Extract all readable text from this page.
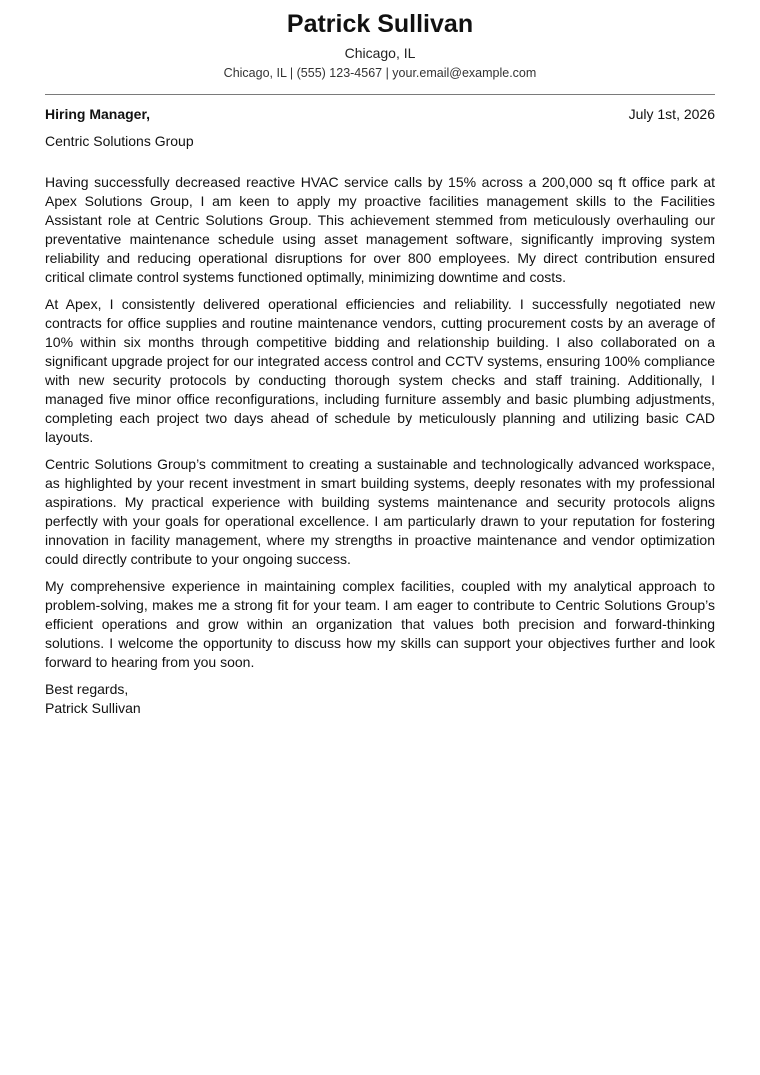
Patrick Sullivan
Chicago, IL
Chicago, IL | (555) 123-4567 | your.email@example.com
Hiring Manager,	July 1st, 2026
Centric Solutions Group

Having successfully decreased reactive HVAC service calls by 15% across a 200,000 sq ft office park at Apex Solutions Group, I am keen to apply my proactive facilities management skills to the Facilities Assistant role at Centric Solutions Group. This achievement stemmed from meticulously overhauling our preventative maintenance schedule using asset management software, significantly improving system reliability and reducing operational disruptions for over 800 employees. My direct contribution ensured critical climate control systems functioned optimally, minimizing downtime and costs.

At Apex, I consistently delivered operational efficiencies and reliability. I successfully negotiated new contracts for office supplies and routine maintenance vendors, cutting procurement costs by an average of 10% within six months through competitive bidding and relationship building. I also collaborated on a significant upgrade project for our integrated access control and CCTV systems, ensuring 100% compliance with new security protocols by conducting thorough system checks and staff training. Additionally, I managed five minor office reconfigurations, including furniture assembly and basic plumbing adjustments, completing each project two days ahead of schedule by meticulously planning and utilizing basic CAD layouts.

Centric Solutions Group’s commitment to creating a sustainable and technologically advanced workspace, as highlighted by your recent investment in smart building systems, deeply resonates with my professional aspirations. My practical experience with building systems maintenance and security protocols aligns perfectly with your goals for operational excellence. I am particularly drawn to your reputation for fostering innovation in facility management, where my strengths in proactive maintenance and vendor optimization could directly contribute to your ongoing success.

My comprehensive experience in maintaining complex facilities, coupled with my analytical approach to problem-solving, makes me a strong fit for your team. I am eager to contribute to Centric Solutions Group’s efficient operations and grow within an organization that values both precision and forward-thinking solutions. I welcome the opportunity to discuss how my skills can support your objectives further and look forward to hearing from you soon.

Best regards,
Patrick Sullivan
